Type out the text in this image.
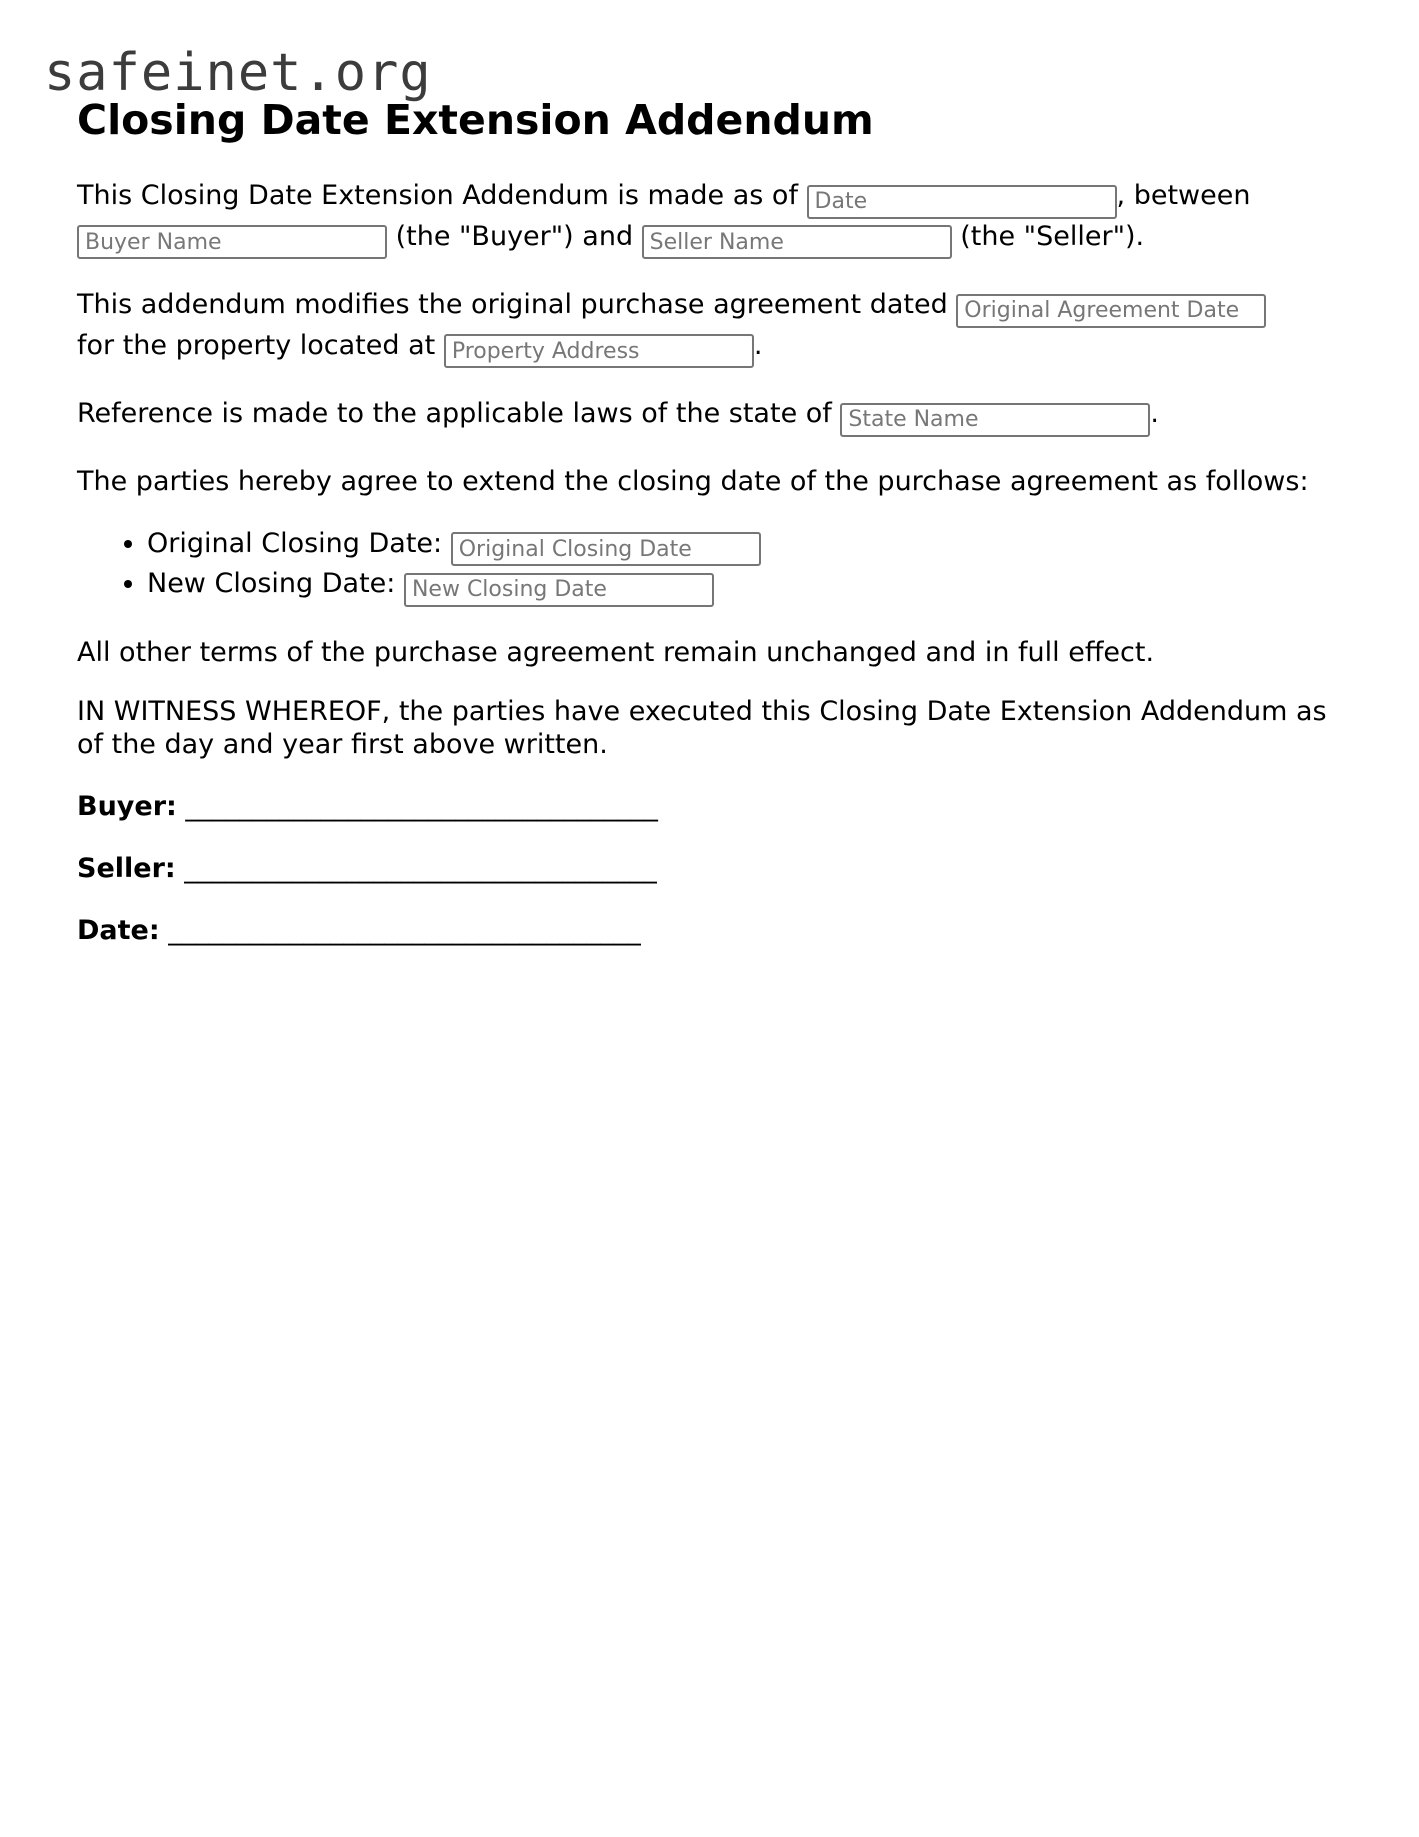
safeinet.org
Closing Date Extension Addendum

This Closing Date Extension Addendum is made as of Date	, between
Buyer Name (the "Buyer") and Seller Name	(the "Seller").

This addendum modifies the original purchase agreement dated Original Agreement Date
for the property located at Property Address	.

Reference is made to the applicable laws of the state of State Name	.

The parties hereby agree to extend the closing date of the purchase agreement as follows:

• Original Closing Date: Original Closing Date
• New Closing Date: New Closing Date

All other terms of the purchase agreement remain unchanged and in full effect.

IN WITNESS WHEREOF, the parties have executed this Closing Date Extension Addendum as of the day and year first above written.

Buyer: ___________________________________

Seller: ___________________________________

Date: ___________________________________
